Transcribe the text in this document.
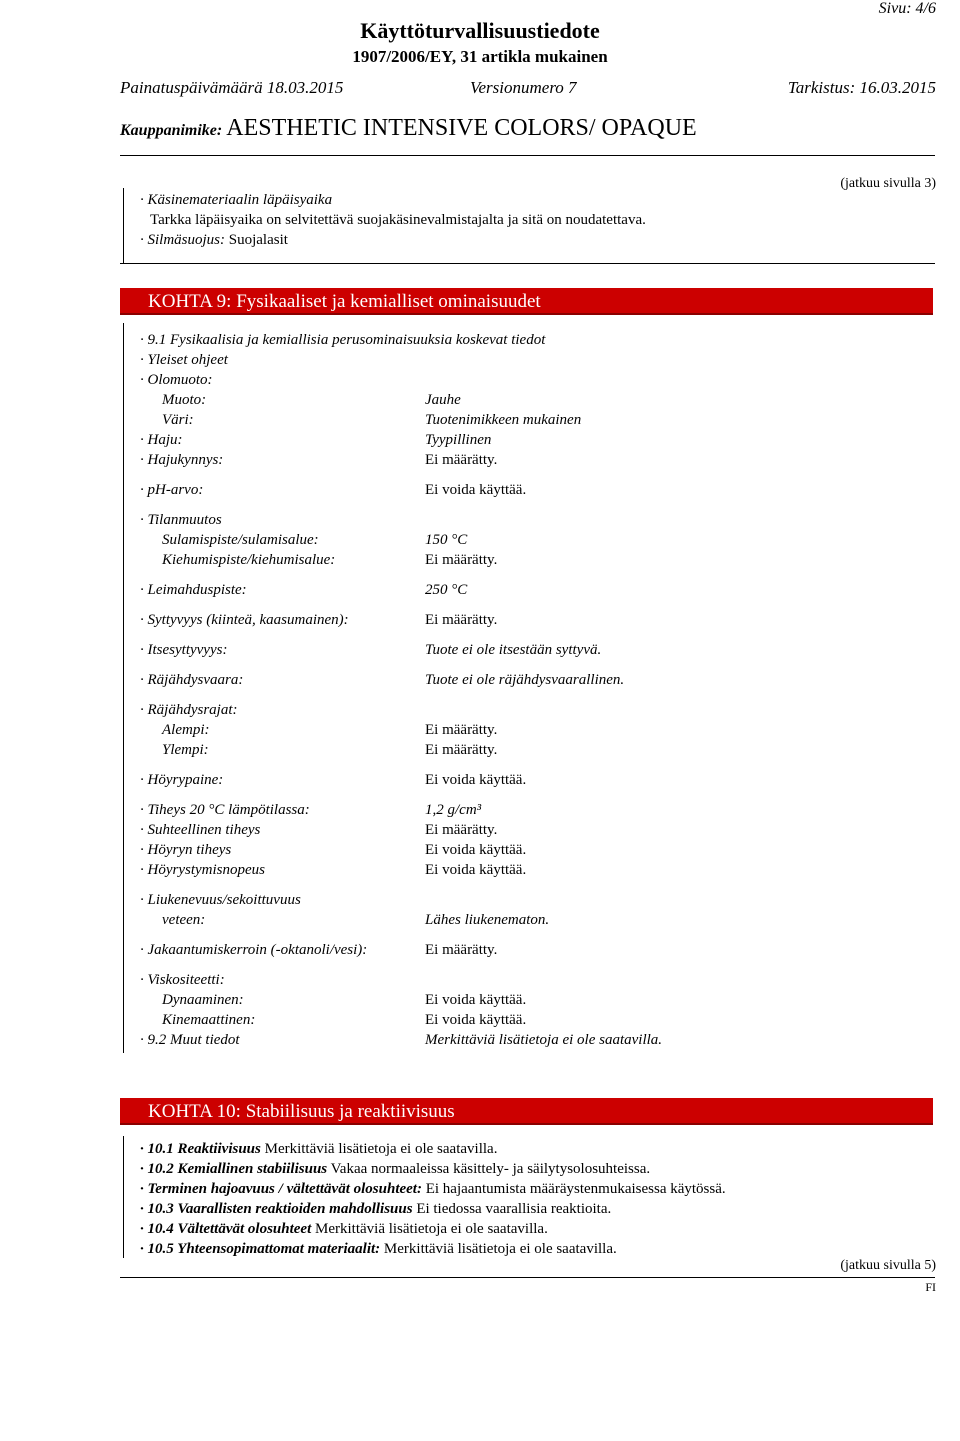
Sivu: 4/6
Käyttöturvallisuustiedote
1907/2006/EY, 31 artikla mukainen
Painatuspäivämäärä 18.03.2015	Versionumero 7	Tarkistus: 16.03.2015
Kauppanimike: AESTHETIC INTENSIVE COLORS/ OPAQUE
(jatkuu sivulla 3)
· Käsinemateriaalin läpäisyaika
Tarkka läpäisyaika on selvitettävä suojakäsinevalmistajalta ja sitä on noudatettava.
· Silmäsuojus: Suojalasit
KOHTA 9: Fysikaaliset ja kemialliset ominaisuudet
· 9.1 Fysikaalisia ja kemiallisia perusominaisuuksia koskevat tiedot
· Yleiset ohjeet
· Olomuoto:
Muoto:	Jauhe
Väri:	Tuotenimikkeen mukainen
· Haju:	Tyypillinen
· Hajukynnys:	Ei määrätty.
· pH-arvo:	Ei voida käyttää.
· Tilanmuutos
Sulamispiste/sulamisalue:	150 °C
Kiehumispiste/kiehumisalue:	Ei määrätty.
· Leimahduspiste:	250 °C
· Syttyvyys (kiinteä, kaasumainen):	Ei määrätty.
· Itsesyttyvyys:	Tuote ei ole itsestään syttyvä.
· Räjähdysvaara:	Tuote ei ole räjähdysvaarallinen.
· Räjähdysrajat:
Alempi:	Ei määrätty.
Ylempi:	Ei määrätty.
· Höyrypaine:	Ei voida käyttää.
· Tiheys 20 °C lämpötilassa:	1,2 g/cm³
· Suhteellinen tiheys	Ei määrätty.
· Höyryn tiheys	Ei voida käyttää.
· Höyrystymisnopeus	Ei voida käyttää.
· Liukenevuus/sekoittuvuus
veteen:	Lähes liukenematon.
· Jakaantumiskerroin (-oktanoli/vesi):	Ei määrätty.
· Viskositeetti:
Dynaaminen:	Ei voida käyttää.
Kinemaattinen:	Ei voida käyttää.
· 9.2 Muut tiedot	Merkittäviä lisätietoja ei ole saatavilla.
KOHTA 10: Stabiilisuus ja reaktiivisuus
· 10.1 Reaktiivisuus Merkittäviä lisätietoja ei ole saatavilla.
· 10.2 Kemiallinen stabiilisuus Vakaa normaaleissa käsittely- ja säilytysolosuhteissa.
· Terminen hajoavuus / vältettävät olosuhteet: Ei hajaantumista määräystenmukaisessa käytössä.
· 10.3 Vaarallisten reaktioiden mahdollisuus Ei tiedossa vaarallisia reaktioita.
· 10.4 Vältettävät olosuhteet Merkittäviä lisätietoja ei ole saatavilla.
· 10.5 Yhteensopimattomat materiaalit: Merkittäviä lisätietoja ei ole saatavilla.
(jatkuu sivulla 5)
FI
